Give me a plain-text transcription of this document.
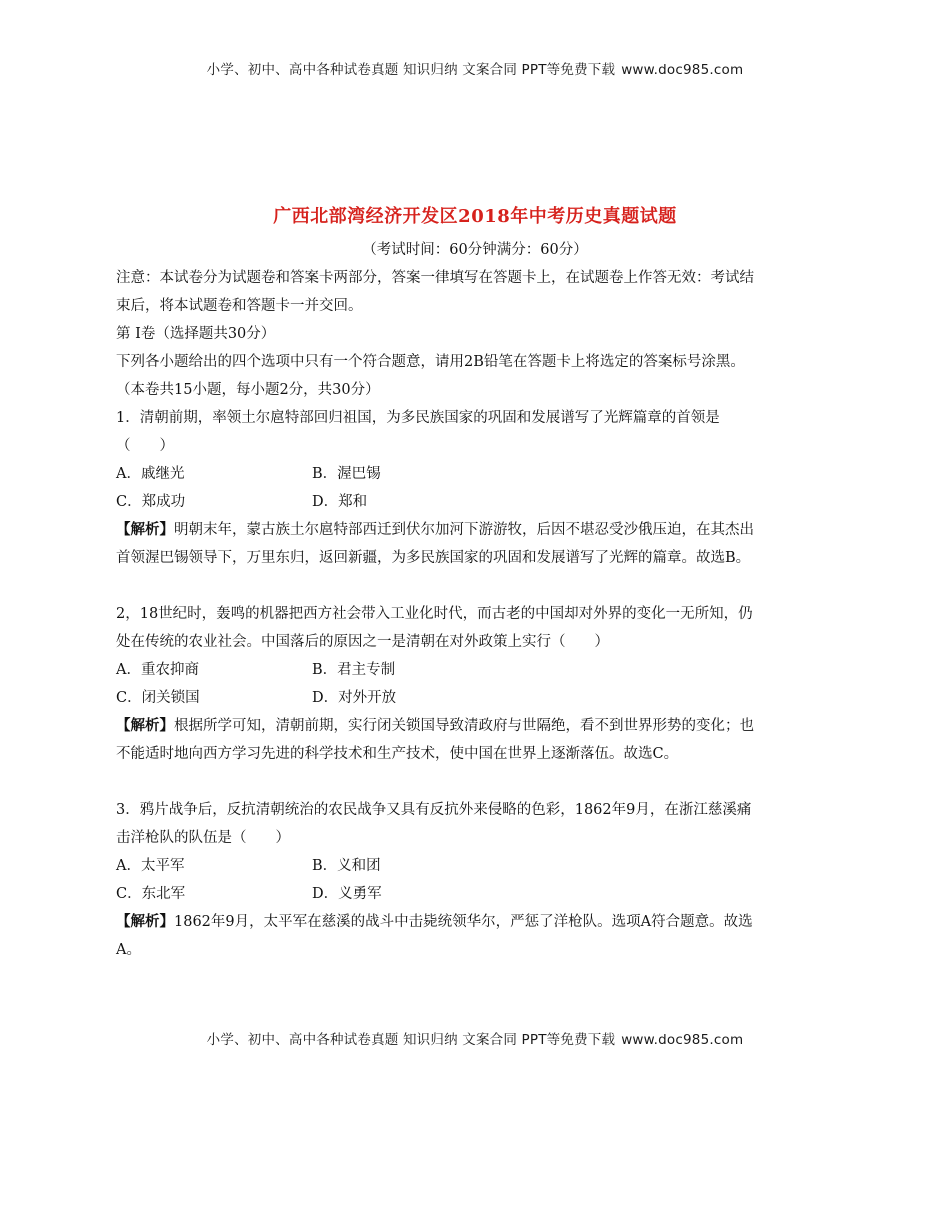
小学、初中、高中各种试卷真题 知识归纳 文案合同 PPT等免费下载 www.doc985.com
广西北部湾经济开发区2018年中考历史真题试题
（考试时间：60分钟满分：60分）

注意：本试卷分为试题卷和答案卡两部分，答案一律填写在答题卡上，在试题卷上作答无效：考试结

束后，将本试题卷和答题卡一并交回。

第 Ⅰ卷（选择题共30分）

下列各小题给出的四个选项中只有一个符合题意，请用2B铅笔在答题卡上将选定的答案标号涂黑。

（本卷共15小题，每小题2分，共30分）

1．清朝前期，率领土尔扈特部回归祖国，为多民族国家的巩固和发展谱写了光辉篇章的首领是

（　　）

A．戚继光	B．渥巴锡
C．郑成功	D．郑和

【解析】明朝末年，蒙古族土尔扈特部西迁到伏尔加河下游游牧，后因不堪忍受沙俄压迫，在其杰出

首领渥巴锡领导下，万里东归，返回新疆，为多民族国家的巩固和发展谱写了光辉的篇章。故选B。

2，18世纪时，轰鸣的机器把西方社会带入工业化时代，而古老的中国却对外界的变化一无所知，仍

处在传统的农业社会。中国落后的原因之一是清朝在对外政策上实行（　　）

A．重农抑商	B．君主专制
C．闭关锁国	D．对外开放

【解析】根据所学可知，清朝前期，实行闭关锁国导致清政府与世隔绝，看不到世界形势的变化；也

不能适时地向西方学习先进的科学技术和生产技术，使中国在世界上逐渐落伍。故选C。

3．鸦片战争后，反抗清朝统治的农民战争又具有反抗外来侵略的色彩，1862年9月，在浙江慈溪痛

击洋枪队的队伍是（　　）

A．太平军	B．义和团
C．东北军	D．义勇军

【解析】1862年9月，太平军在慈溪的战斗中击毙统领华尔，严惩了洋枪队。选项A符合题意。故选

A。

小学、初中、高中各种试卷真题 知识归纳 文案合同 PPT等免费下载 www.doc985.com
